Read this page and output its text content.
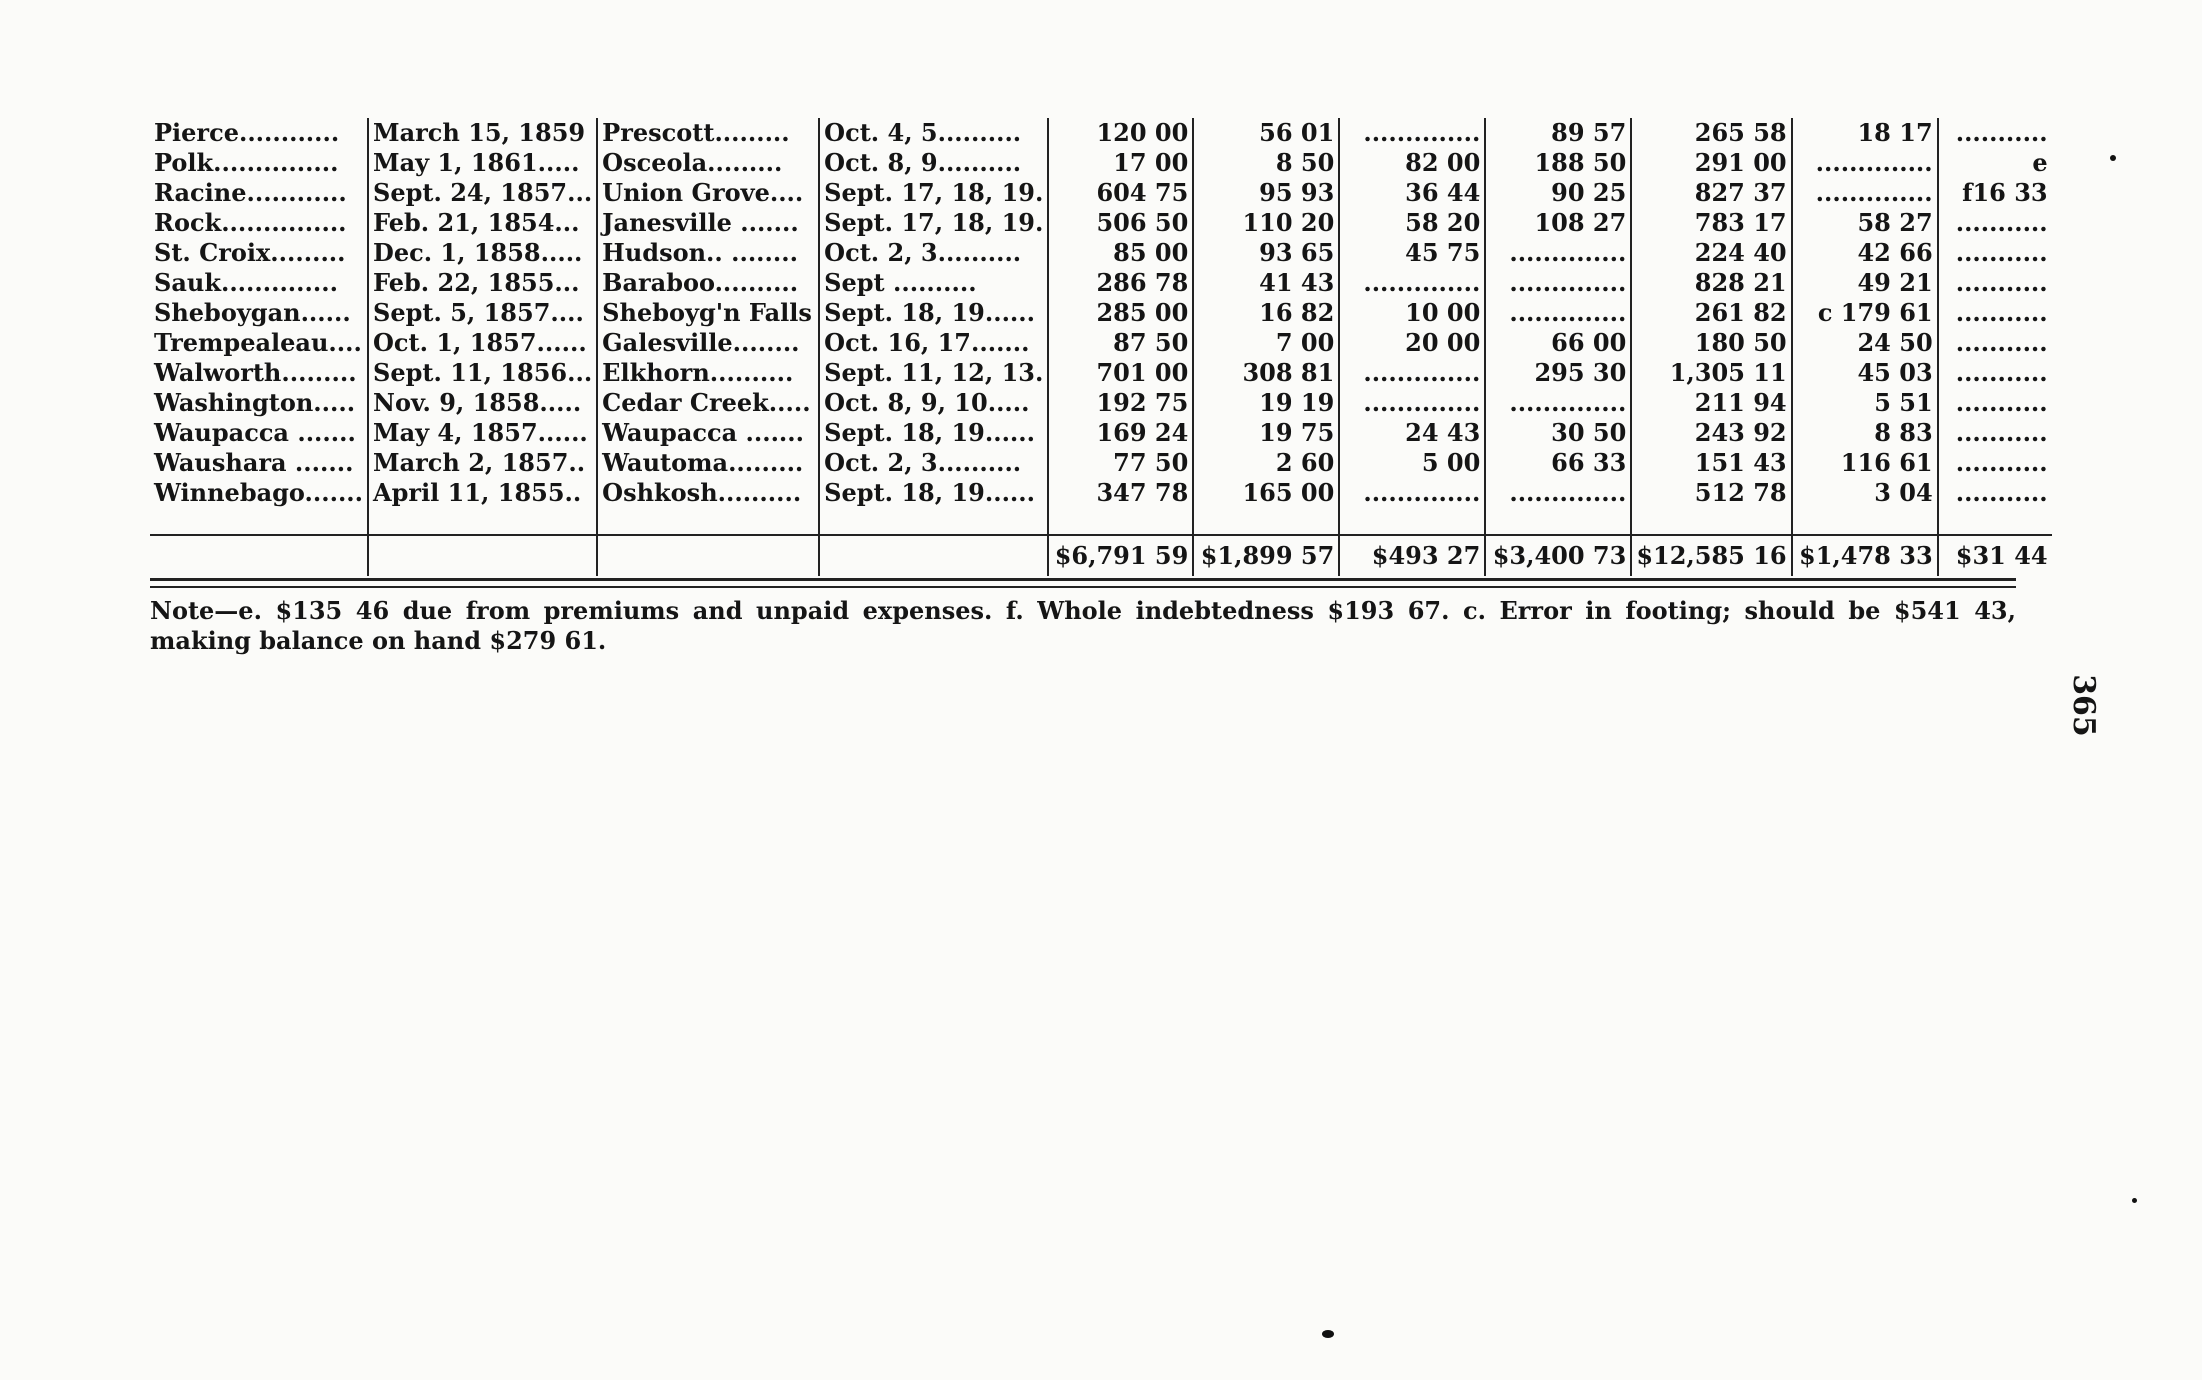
Pierce............	March 15, 1859	Prescott.........	Oct. 4, 5..........	120 00	56 01	..............	89 57	265 58	18 17	...........
Polk...............	May 1, 1861.....	Osceola.........	Oct. 8, 9..........	17 00	8 50	82 00	188 50	291 00	..............	e
Racine............	Sept. 24, 1857...	Union Grove....	Sept. 17, 18, 19.	604 75	95 93	36 44	90 25	827 37	..............	f16 33
Rock...............	Feb. 21, 1854...	Janesville .......	Sept. 17, 18, 19.	506 50	110 20	58 20	108 27	783 17	58 27	...........
St. Croix.........	Dec. 1, 1858.....	Hudson.. ........	Oct. 2, 3..........	85 00	93 65	45 75	..............	224 40	42 66	...........
Sauk..............	Feb. 22, 1855...	Baraboo..........	Sept ..........	286 78	41 43	..............	..............	828 21	49 21	...........
Sheboygan......	Sept. 5, 1857....	Sheboyg'n Falls	Sept. 18, 19......	285 00	16 82	10 00	..............	261 82	c 179 61	...........
Trempealeau....	Oct. 1, 1857......	Galesville........	Oct. 16, 17.......	87 50	7 00	20 00	66 00	180 50	24 50	...........
Walworth.........	Sept. 11, 1856...	Elkhorn..........	Sept. 11, 12, 13.	701 00	308 81	..............	295 30	1,305 11	45 03	...........
Washington.....	Nov. 9, 1858.....	Cedar Creek.....	Oct. 8, 9, 10.....	192 75	19 19	..............	..............	211 94	5 51	...........
Waupacca .......	May 4, 1857......	Waupacca .......	Sept. 18, 19......	169 24	19 75	24 43	30 50	243 92	8 83	...........
Waushara .......	March 2, 1857..	Wautoma.........	Oct. 2, 3..........	77 50	2 60	5 00	66 33	151 43	116 61	...........
Winnebago.......	April 11, 1855..	Oshkosh..........	Sept. 18, 19......	347 78	165 00	..............	..............	512 78	3 04	...........

				$6,791 59	$1,899 57	$493 27	$3,400 73	$12,585 16	$1,478 33	$31 44
Note—e. $135 46 due from premiums and unpaid expenses. f. Whole indebtedness $193 67. c. Error in footing; should be $541 43, making balance on hand $279 61.
365
